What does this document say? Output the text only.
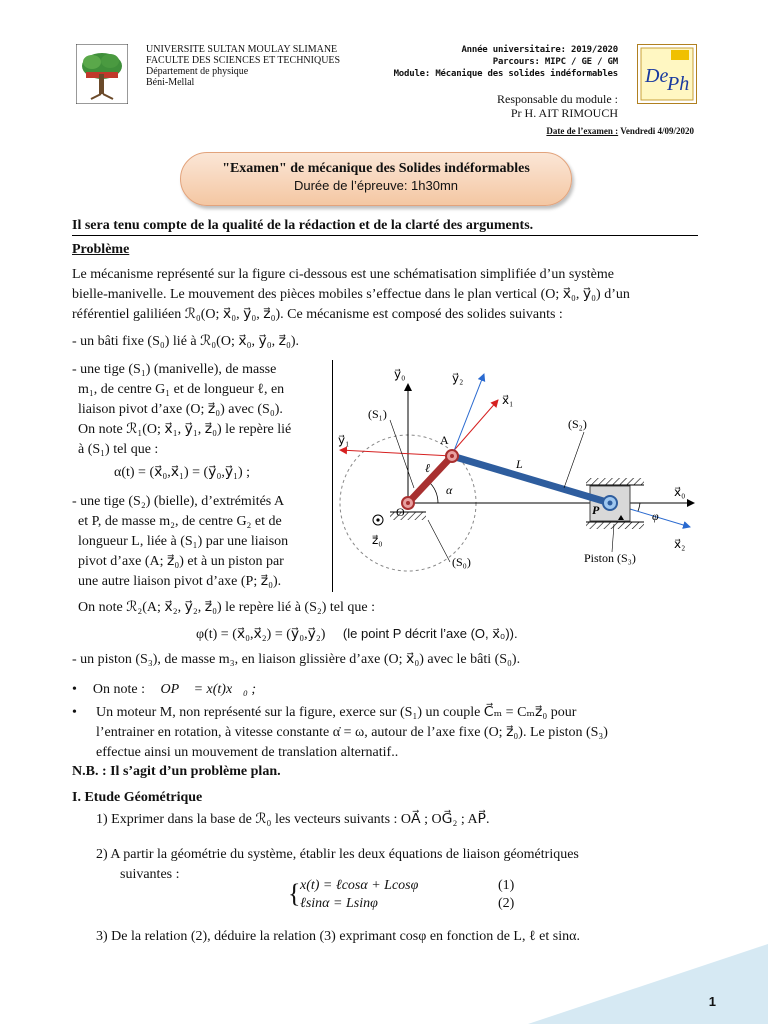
UNIVERSITE SULTAN MOULAY SLIMANE
FACULTE DES SCIENCES ET TECHNIQUES
Département de physique
Béni-Mellal
Année universitaire: 2019/2020
Parcours: MIPC / GE / GM
Module: Mécanique des solides indéformables
Responsable du module :
Pr H. AIT RIMOUCH
De
Ph
Date de l’examen : Vendredi 4/09/2020
"Examen" de mécanique des Solides indéformables
Durée de l’épreuve: 1h30mn
Il sera tenu compte de la qualité de la rédaction et de la clarté des arguments.
Problème
Le mécanisme représenté sur la figure ci-dessous est une schématisation simplifiée d’un système
bielle-manivelle. Le mouvement des pièces mobiles s’effectue dans le plan vertical (O; x⃗₀, y⃗₀) d’un
référentiel galiliéen ℛ₀(O; x⃗₀, y⃗₀, z⃗₀). Ce mécanisme est composé des solides suivants :
- un bâti fixe (S₀) lié à ℛ₀(O; x⃗₀, y⃗₀, z⃗₀).
- une tige (S₁) (manivelle), de masse
m₁, de centre G₁ et de longueur ℓ, en
liaison pivot d’axe (O; z⃗₀) avec (S₀).
On note ℛ₁(O; x⃗₁, y⃗₁, z⃗₀) le repère lié
à (S₁) tel que :
α(t) = (x⃗₀,x⃗₁) = (y⃗₀,y⃗₁) ;
- une tige (S₂) (bielle), d’extrémités A
et P, de masse m₂, de centre G₂ et de
longueur L, liée à (S₁) par une liaison
pivot d’axe (A; z⃗₀) et à un piston par
une autre liaison pivot d’axe (P; z⃗₀).
y⃗₀	y⃗₂
x⃗₁
(S₁)
(S₂)
y⃗₁	A
ℓ	L
α	x⃗₀
O	P	φ
x⃗₂
z⃗₀
(S₀)	Piston (S₃)
On note ℛ₂(A; x⃗₂, y⃗₂, z⃗₀) le repère lié à (S₂) tel que :
φ(t) = (x⃗₀,x⃗₂) = (y⃗₀,y⃗₂) (le point P décrit l’axe (O, x⃗₀)).
- un piston (S₃), de masse m₃, en liaison glissière d’axe (O; x⃗₀) avec le bâti (S₀).
• On note : OP⃗ = x(t)x⃗₀ ;
• Un moteur M, non représenté sur la figure, exerce sur (S₁) un couple C⃗ₘ = Cₘz⃗₀ pour
l’entrainer en rotation, à vitesse constante α̇ = ω, autour de l’axe fixe (O; z⃗₀). Le piston (S₃)
effectue ainsi un mouvement de translation alternatif..
N.B. : Il s’agit d’un problème plan.
I. Etude Géométrique
1) Exprimer dans la base de ℛ₀ les vecteurs suivants : OA⃗ ; OG⃗₂ ; AP⃗.
2) A partir la géométrie du système, établir les deux équations de liaison géométriques
suivantes :
{ x(t) = ℓcosα + Lcosφ	(1)
ℓsinα = Lsinφ	(2)
3) De la relation (2), déduire la relation (3) exprimant cosφ en fonction de L, ℓ et sinα.
1
